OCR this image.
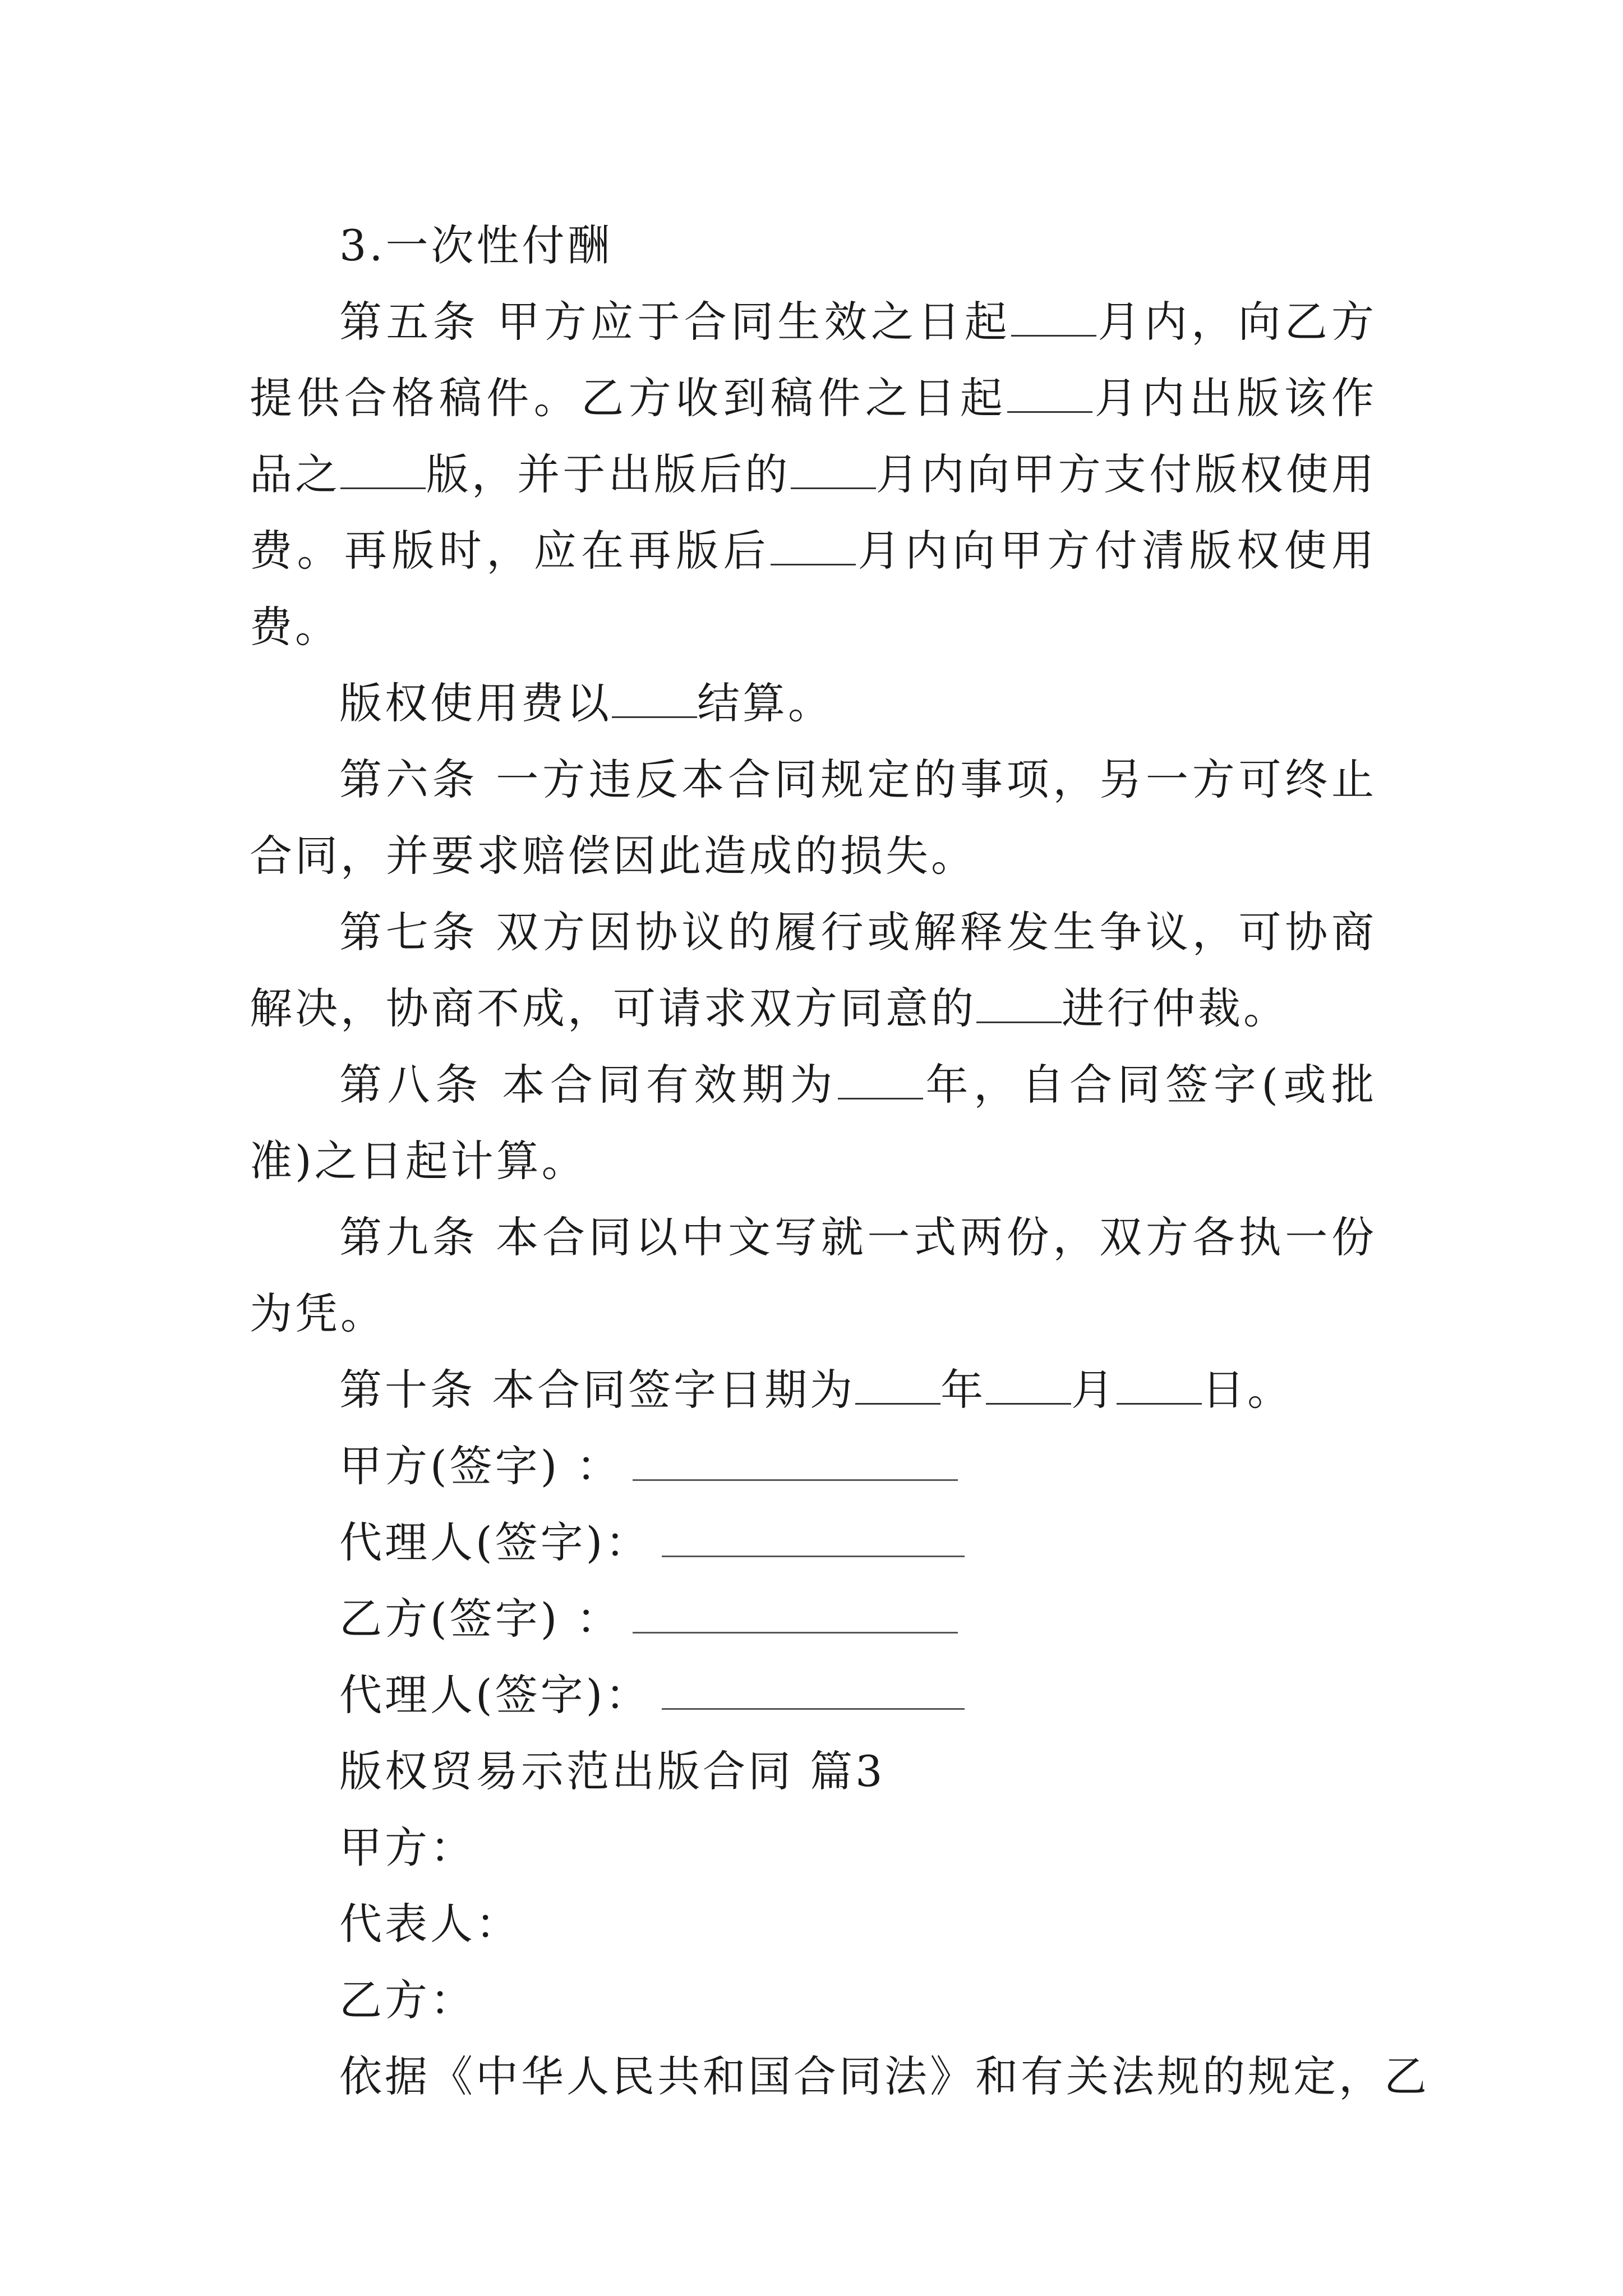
3.一次性付酬

第五条 甲方应于合同生效之日起 月内，向乙方提供合格稿件。乙方收到稿件之日起 月内出版该作品之 版，并于出版后的 月内向甲方支付版权使用费。再版时，应在再版后 月内向甲方付清版权使用费。

版权使用费以 结算。

第六条 一方违反本合同规定的事项，另一方可终止合同，并要求赔偿因此造成的损失。

第七条 双方因协议的履行或解释发生争议，可协商解决，协商不成，可请求双方同意的 进行仲裁。

第八条 本合同有效期为 年，自合同签字(或批准)之日起计算。

第九条 本合同以中文写就一式两份，双方各执一份为凭。

第十条 本合同签字日期为 年 月 日。

甲方(签字) ：

代理人(签字)：

乙方(签字) ：

代理人(签字)：

版权贸易示范出版合同 篇3

甲方：

代表人：

乙方：

依据《中华人民共和国合同法》和有关法规的规定，乙
